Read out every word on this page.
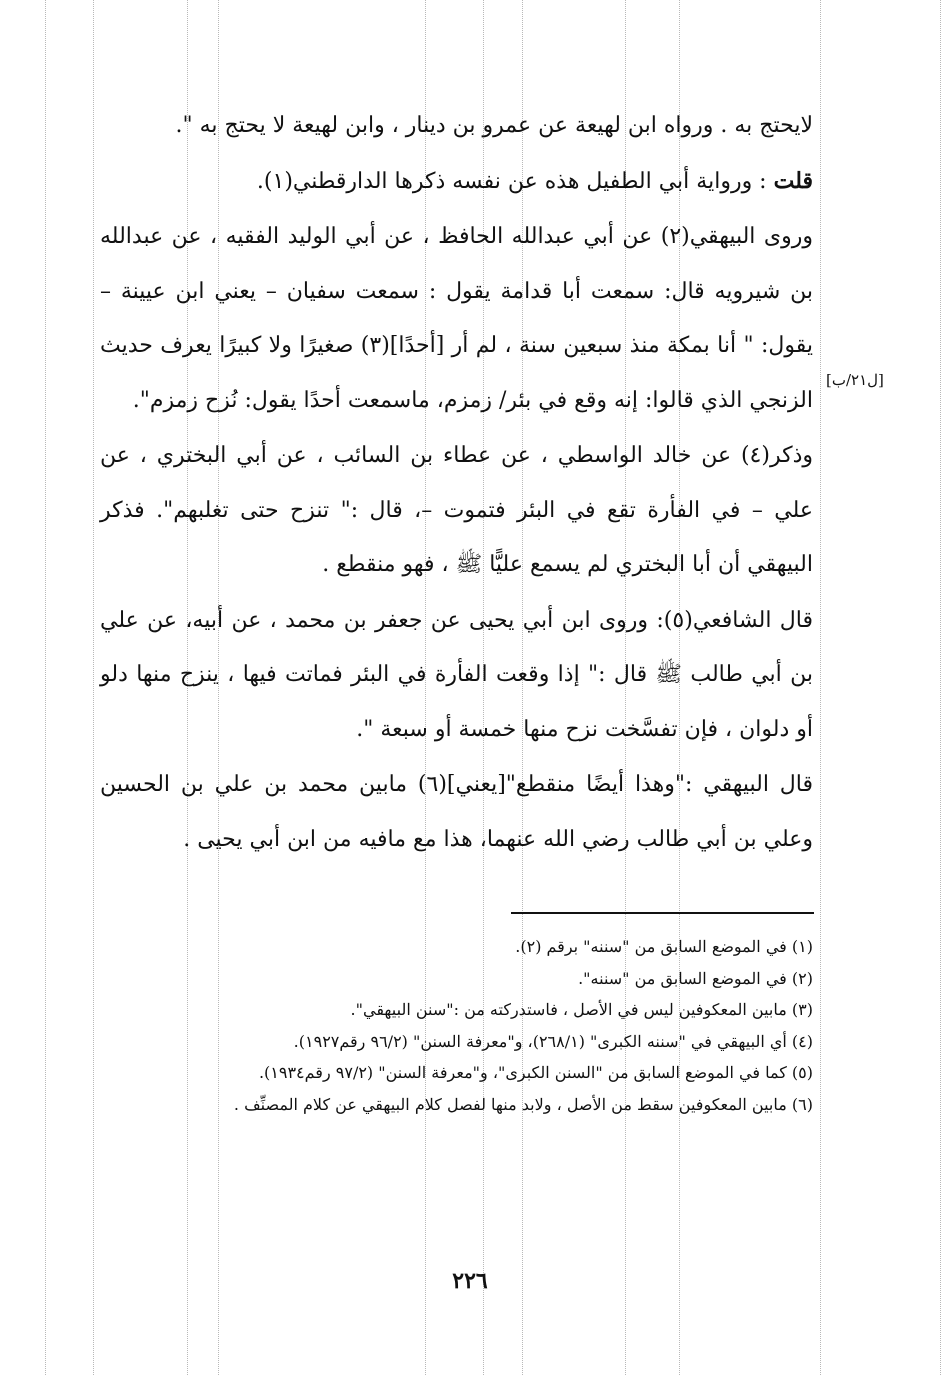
لايحتج به . ورواه ابن لهيعة عن عمرو بن دينار ، وابن لهيعة لا يحتج به ".

قلت : ورواية أبي الطفيل هذه عن نفسه ذكرها الدارقطني(١).

وروى البيهقي(٢) عن أبي عبدالله الحافظ ، عن أبي الوليد الفقيه ، عن عبدالله بن شيرويه قال: سمعت أبا قدامة يقول : سمعت سفيان – يعني ابن عيينة – يقول: " أنا بمكة منذ سبعين سنة ، لم أر [أحدًا](٣) صغيرًا ولا كبيرًا يعرف حديث الزنجي الذي قالوا: إنه وقع في بئر/ زمزم، ماسمعت أحدًا يقول: نُزح زمزم".

وذكر(٤) عن خالد الواسطي ، عن عطاء بن السائب ، عن أبي البختري ، عن علي – في الفأرة تقع في البئر فتموت –، قال :" تنزح حتى تغلبهم". فذكر البيهقي أن أبا البختري لم يسمع عليًّا ﷺ ، فهو منقطع .

قال الشافعي(٥): وروى ابن أبي يحيى عن جعفر بن محمد ، عن أبيه، عن علي بن أبي طالب ﷺ قال :" إذا وقعت الفأرة في البئر فماتت فيها ، ينزح منها دلو أو دلوان ، فإن تفسَّخت نزح منها خمسة أو سبعة ".

قال البيهقي :"وهذا أيضًا منقطع"[يعني](٦) مابين محمد بن علي بن الحسين وعلي بن أبي طالب رضي الله عنهما، هذا مع مافيه من ابن أبي يحيى .

[ل٢١/ب]

(١) في الموضع السابق من "سننه" برقم (٢).

(٢) في الموضع السابق من "سننه".

(٣) مابين المعكوفين ليس في الأصل ، فاستدركته من :"سنن البيهقي".

(٤) أي البيهقي في "سننه الكبرى" (٢٦٨/١)، و"معرفة السنن" (٩٦/٢ رقم١٩٢٧).

(٥) كما في الموضع السابق من "السنن الكبرى"، و"معرفة السنن" (٩٧/٢ رقم١٩٣٤).

(٦) مابين المعكوفين سقط من الأصل ، ولابد منها لفصل كلام البيهقي عن كلام المصنِّف .

٢٢٦
